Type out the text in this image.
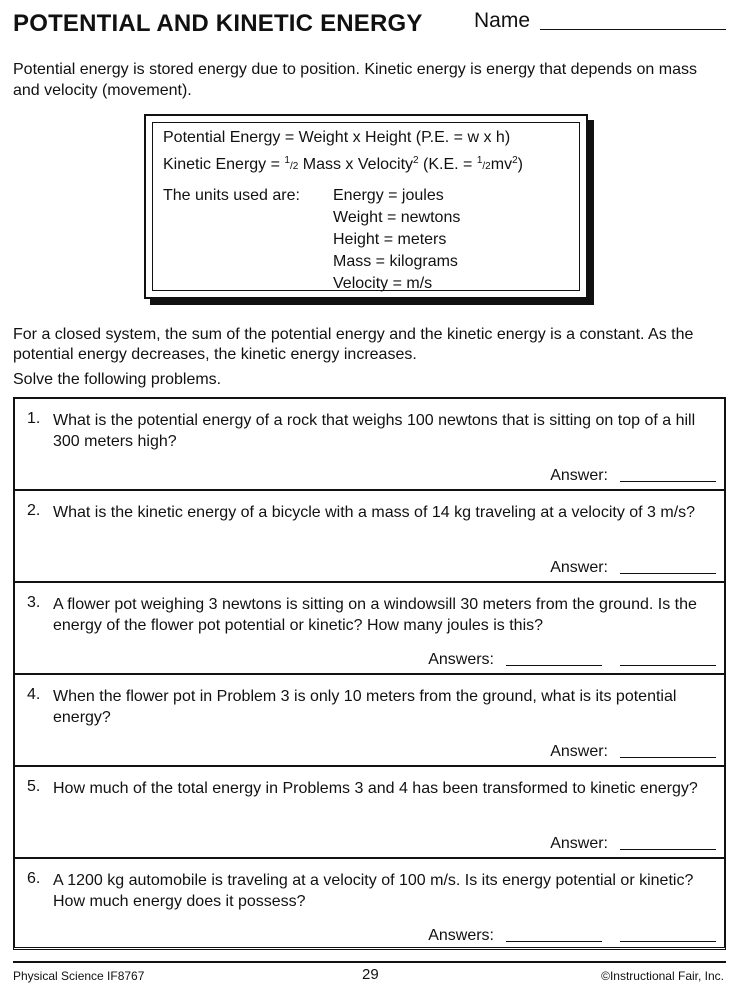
POTENTIAL AND KINETIC ENERGY Name
Potential energy is stored energy due to position. Kinetic energy is energy that depends on mass and velocity (movement).
Potential Energy = Weight x Height (P.E. = w x h)
Kinetic Energy = $^1$/2 Mass x Velocity$^2$ (K.E. = $^1/2mv^2$)
The units used are: Energy = joules
Weight = newtons
Height = meters
Mass = kilograms
Velocity = m/s
For a closed system, the sum of the potential energy and the kinetic energy is a constant. As the potential energy decreases, the kinetic energy increases.
Solve the following problems.
1. What is the potential energy of a rock that weighs 100 newtons that is sitting on top of a hill 300 meters high?
Answer:
2. What is the kinetic energy of a bicycle with a mass of 14 kg traveling at a velocity of 3 m/s?
Answer:
3. A flower pot weighing 3 newtons is sitting on a windowsill 30 meters from the ground. Is the energy of the flower pot potential or kinetic? How many joules is this?
Answers:
4. When the flower pot in Problem 3 is only 10 meters from the ground, what is its potential energy?
Answer:
5. How much of the total energy in Problems 3 and 4 has been transformed to kinetic energy?
Answer:
6. A 1200 kg automobile is traveling at a velocity of 100 m/s. Is its energy potential or kinetic? How much energy does it possess?
Answers:
Physical Science IF8767	29	©Instructional Fair, Inc.
